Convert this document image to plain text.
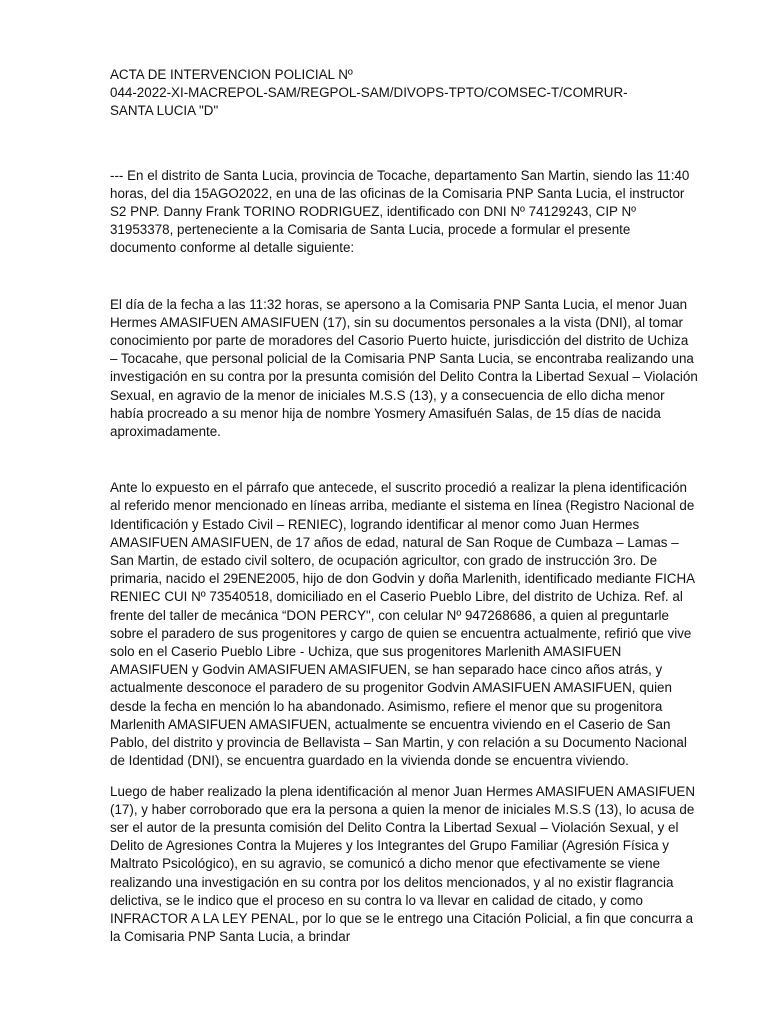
ACTA DE INTERVENCION POLICIAL Nº
044-2022-XI-MACREPOL-SAM/REGPOL-SAM/DIVOPS-TPTO/COMSEC-T/COMRUR-
SANTA LUCIA "D"

--- En el distrito de Santa Lucia, provincia de Tocache, departamento San Martin, siendo las 11:40 horas, del dia 15AGO2022, en una de las oficinas de la Comisaria PNP Santa Lucia, el instructor S2 PNP. Danny Frank TORINO RODRIGUEZ, identificado con DNI Nº 74129243, CIP Nº 31953378, perteneciente a la Comisaria de Santa Lucia, procede a formular el presente documento conforme al detalle siguiente:

El día de la fecha a las 11:32 horas, se apersono a la Comisaria PNP Santa Lucia, el menor Juan Hermes AMASIFUEN AMASIFUEN (17), sin su documentos personales a la vista (DNI), al tomar conocimiento por parte de moradores del Casorio Puerto huicte, jurisdicción del distrito de Uchiza – Tocacahe, que personal policial de la Comisaria PNP Santa Lucia, se encontraba realizando una investigación en su contra por la presunta comisión del Delito Contra la Libertad Sexual – Violación Sexual, en agravio de la menor de iniciales M.S.S (13), y a consecuencia de ello dicha menor había procreado a su menor hija de nombre Yosmery Amasifuén Salas, de 15 días de nacida aproximadamente.

Ante lo expuesto en el párrafo que antecede, el suscrito procedió a realizar la plena identificación al referido menor mencionado en líneas arriba, mediante el sistema en línea (Registro Nacional de Identificación y Estado Civil – RENIEC), logrando identificar al menor como Juan Hermes AMASIFUEN AMASIFUEN, de 17 años de edad, natural de San Roque de Cumbaza – Lamas – San Martin, de estado civil soltero, de ocupación agricultor, con grado de instrucción 3ro. De primaria, nacido el 29ENE2005, hijo de don Godvin y doña Marlenith, identificado mediante FICHA RENIEC CUI Nº 73540518, domiciliado en el Caserio Pueblo Libre, del distrito de Uchiza. Ref. al frente del taller de mecánica “DON PERCY", con celular Nº 947268686, a quien al preguntarle sobre el paradero de sus progenitores y cargo de quien se encuentra actualmente, refirió que vive solo en el Caserio Pueblo Libre - Uchiza, que sus progenitores Marlenith AMASIFUEN AMASIFUEN y Godvin AMASIFUEN AMASIFUEN, se han separado hace cinco años atrás, y actualmente desconoce el paradero de su progenitor Godvin AMASIFUEN AMASIFUEN, quien desde la fecha en mención lo ha abandonado. Asimismo, refiere el menor que su progenitora Marlenith AMASIFUEN AMASIFUEN, actualmente se encuentra viviendo en el Caserio de San Pablo, del distrito y provincia de Bellavista – San Martin, y con relación a su Documento Nacional de Identidad (DNI), se encuentra guardado en la vivienda donde se encuentra viviendo.

Luego de haber realizado la plena identificación al menor Juan Hermes AMASIFUEN AMASIFUEN (17), y haber corroborado que era la persona a quien la menor de iniciales M.S.S (13), lo acusa de ser el autor de la presunta comisión del Delito Contra la Libertad Sexual – Violación Sexual, y el Delito de Agresiones Contra la Mujeres y los Integrantes del Grupo Familiar (Agresión Física y Maltrato Psicológico), en su agravio, se comunicó a dicho menor que efectivamente se viene realizando una investigación en su contra por los delitos mencionados, y al no existir flagrancia delictiva, se le indico que el proceso en su contra lo va llevar en calidad de citado, y como INFRACTOR A LA LEY PENAL, por lo que se le entrego una Citación Policial, a fin que concurra a la Comisaria PNP Santa Lucia, a brindar
